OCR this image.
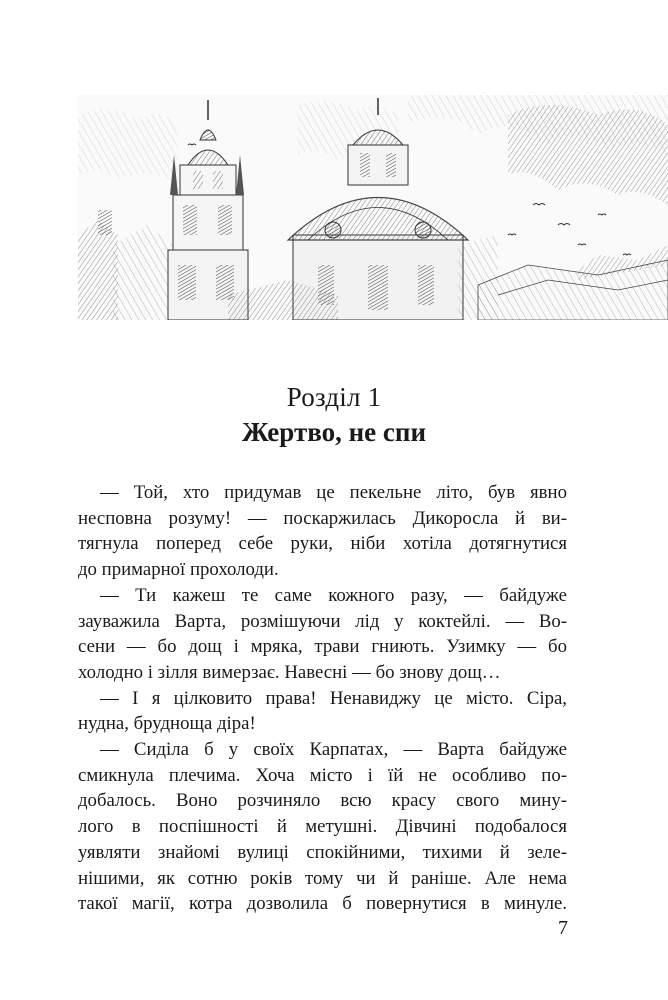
Розділ 1
Жертво, не спи
— Той, хто придумав це пекельне літо, був явно
несповна розуму! — поскаржилась Дикоросла й ви-
тягнула поперед себе руки, ніби хотіла дотягнутися
до примарної прохолоди.
— Ти кажеш те саме кожного разу, — байдуже
зауважила Варта, розмішуючи лід у коктейлі. — Во-
сени — бо дощ і мряка, трави гниють. Узимку — бо
холодно і зілля вимерзає. Навесні — бо знову дощ…
— І я цілковито права! Ненавиджу це місто. Сіра,
нудна, брудноща діра!
— Сиділа б у своїх Карпатах, — Варта байдуже
смикнула плечима. Хоча місто і їй не особливо по-
добалось. Воно розчиняло всю красу свого мину-
лого в поспішності й метушні. Дівчині подобалося
уявляти знайомі вулиці спокійними, тихими й зеле-
нішими, як сотню років тому чи й раніше. Але нема
такої магії, котра дозволила б повернутися в минуле.
7
